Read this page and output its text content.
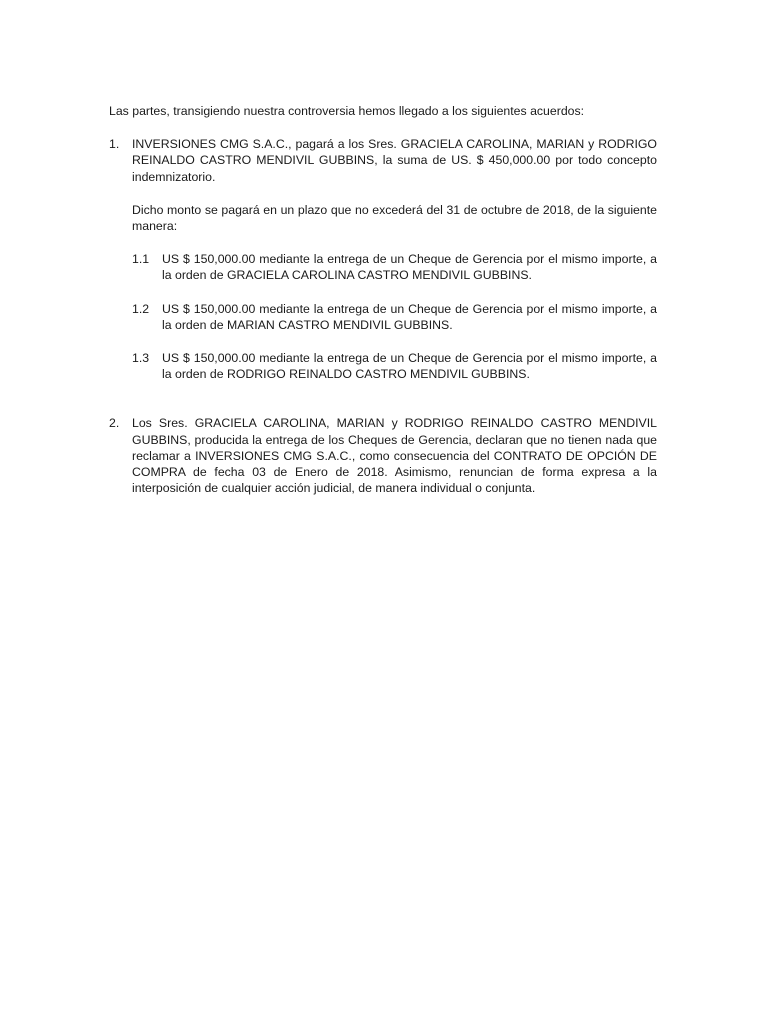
Las partes, transigiendo nuestra controversia hemos llegado a los siguientes acuerdos:

1. INVERSIONES CMG S.A.C., pagará a los Sres. GRACIELA CAROLINA, MARIAN y RODRIGO REINALDO CASTRO MENDIVIL GUBBINS, la suma de US. $ 450,000.00 por todo concepto indemnizatorio.

Dicho monto se pagará en un plazo que no excederá del 31 de octubre de 2018, de la siguiente manera:

1.1 US $ 150,000.00 mediante la entrega de un Cheque de Gerencia por el mismo importe, a la orden de GRACIELA CAROLINA CASTRO MENDIVIL GUBBINS.

1.2 US $ 150,000.00 mediante la entrega de un Cheque de Gerencia por el mismo importe, a la orden de MARIAN CASTRO MENDIVIL GUBBINS.

1.3 US $ 150,000.00 mediante la entrega de un Cheque de Gerencia por el mismo importe, a la orden de RODRIGO REINALDO CASTRO MENDIVIL GUBBINS.

2. Los Sres. GRACIELA CAROLINA, MARIAN y RODRIGO REINALDO CASTRO MENDIVIL GUBBINS, producida la entrega de los Cheques de Gerencia, declaran que no tienen nada que reclamar a INVERSIONES CMG S.A.C., como consecuencia del CONTRATO DE OPCIÓN DE COMPRA de fecha 03 de Enero de 2018. Asimismo, renuncian de forma expresa a la interposición de cualquier acción judicial, de manera individual o conjunta.
